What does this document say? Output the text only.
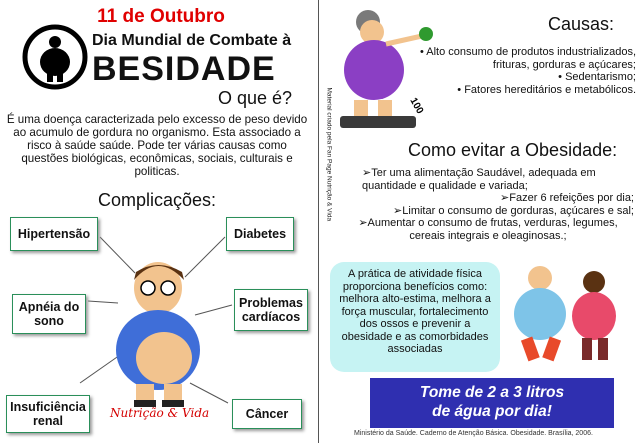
11 de Outubro
Dia Mundial de Combate à
BESIDADE
O que é?
É uma doença caracterizada pelo excesso de peso devido ao acumulo de gordura no organismo. Esta associado a risco à saúde saúde. Pode ter várias causas como questões biológicas, econômicas, sociais, culturais e politicas.
Complicações:
Hipertensão	Diabetes
Apnéia do sono
Problemas cardíacos
Insuficiência renal	Câncer
Nutrição & Vida
Material criado pela Fan Page Nutrição & Vida	100
Causas:
• Alto consumo de produtos industrializados, frituras, gorduras e açúcares;
• Sedentarismo;
• Fatores hereditários e metabólicos.
Como evitar a Obesidade:
➢Ter uma alimentação Saudável, adequada em quantidade e qualidade e variada;
➢Fazer 6 refeições por dia;
➢Limitar o consumo de gorduras, açúcares e sal;
➢Aumentar o consumo de frutas, verduras, legumes, cereais integrais e oleaginosas.;
A prática de atividade física proporciona benefícios como: melhora alto-estima, melhora a força muscular, fortalecimento dos ossos e prevenir a obesidade e as comorbidades associadas
Tome de 2 a 3 litros
de água por dia!
Ministério da Saúde. Caderno de Atenção Básica. Obesidade. Brasília, 2006.
